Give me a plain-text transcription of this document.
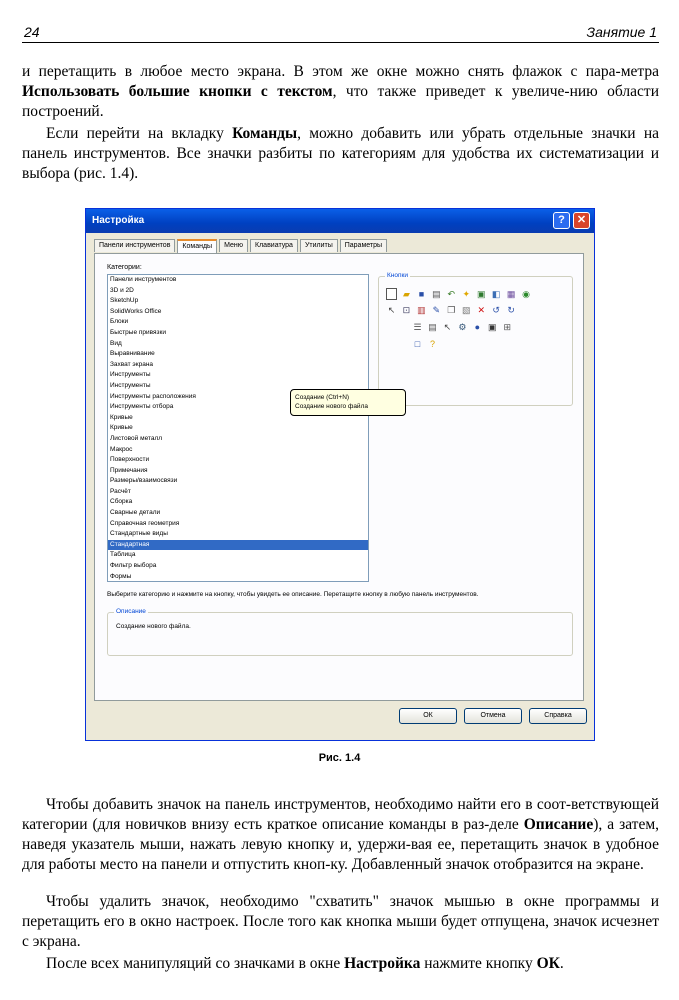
24	Занятие 1

и перетащить в любое место экрана. В этом же окне можно снять флажок с пара-метра Использовать большие кнопки с текстом, что также приведет к увеличе-нию области построений.

Если перейти на вкладку Команды, можно добавить или убрать отдельные значки на панель инструментов. Все значки разбиты по категориям для удобства их систематизации и выбора (рис. 1.4).

Настройка	?	✕
Панели инструментов	Команды	Меню	Клавиатура	Утилиты	Параметры
Категории:
Панели инструментов
3D и 2D
SketchUp
SolidWorks Office
Блоки
Быстрые привязки
Вид
Выравнивание
Захват экрана
Инструменты
Инструменты
Инструменты расположения
Инструменты отбора
Кривые
Кривые
Листовой металл
Макрос
Поверхности
Примечания
Размеры/взаимосвязи
Расчёт
Сборка
Сварные детали
Справочная геометрия
Стандартные виды
Стандартная
Таблица
Фильтр выбора
Формы
Кнопки
▰ ■ ▤ ↶ ✦ ▣ ◧ ▦ ◉
↖ ⊡ ▥ ✎ ❐ ▧ ✕ ↺ ↻
☰ ▤ ↖ ⚙ ● ▣ ⊞
□ ?
Создание (Ctrl+N)
Создание нового файла
Выберите категорию и нажмите на кнопку, чтобы увидеть ее описание. Перетащите кнопку в любую панель инструментов.
Описание
Создание нового файла.
ОК	Отмена	Справка
Рис. 1.4

Чтобы добавить значок на панель инструментов, необходимо найти его в соот-ветствующей категории (для новичков внизу есть краткое описание команды в раз-деле Описание), а затем, наведя указатель мыши, нажать левую кнопку и, удержи-вая ее, перетащить значок в удобное для работы место на панели и отпустить кноп-ку. Добавленный значок отобразится на экране.

Чтобы удалить значок, необходимо "схватить" значок мышью в окне программы и перетащить его в окно настроек. После того как кнопка мыши будет отпущена, значок исчезнет с экрана.

После всех манипуляций со значками в окне Настройка нажмите кнопку ОК.
